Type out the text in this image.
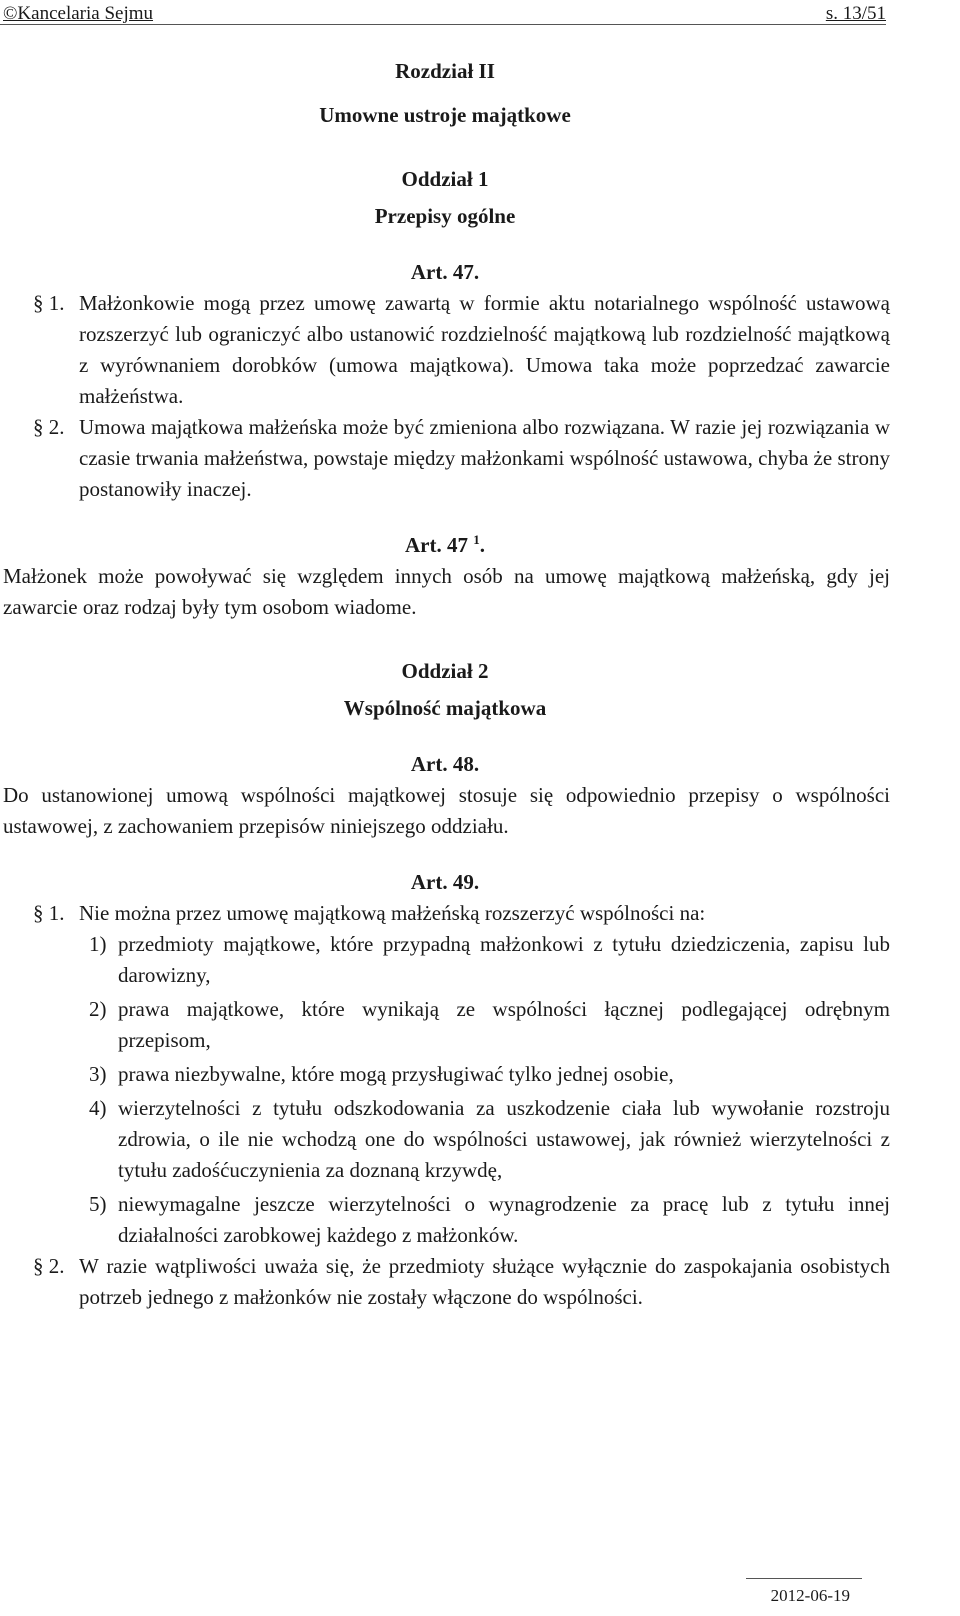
©Kancelaria Sejmu	s. 13/51

Rozdział II

Umowne ustroje majątkowe

Oddział 1

Przepisy ogólne

Art. 47.

§ 1. Małżonkowie mogą przez umowę zawartą w formie aktu notarialnego wspólność ustawową rozszerzyć lub ograniczyć albo ustanowić rozdzielność majątkową lub rozdzielność majątkową z wyrównaniem dorobków (umowa majątkowa). Umowa taka może poprzedzać zawarcie małżeństwa.
§ 2. Umowa majątkowa małżeńska może być zmieniona albo rozwiązana. W razie jej rozwiązania w czasie trwania małżeństwa, powstaje między małżonkami wspólność ustawowa, chyba że strony postanowiły inaczej.

Art. 47 $^1$.

Małżonek może powoływać się względem innych osób na umowę majątkową małżeńską, gdy jej zawarcie oraz rodzaj były tym osobom wiadome.

Oddział 2

Wspólność majątkowa

Art. 48.

Do ustanowionej umową wspólności majątkowej stosuje się odpowiednio przepisy o wspólności ustawowej, z zachowaniem przepisów niniejszego oddziału.

Art. 49.

§ 1. Nie można przez umowę majątkową małżeńską rozszerzyć wspólności na:
1) przedmioty majątkowe, które przypadną małżonkowi z tytułu dziedziczenia, zapisu lub darowizny,
2) prawa majątkowe, które wynikają ze wspólności łącznej podlegającej odrębnym przepisom,
3) prawa niezbywalne, które mogą przysługiwać tylko jednej osobie,
4) wierzytelności z tytułu odszkodowania za uszkodzenie ciała lub wywołanie rozstroju zdrowia, o ile nie wchodzą one do wspólności ustawowej, jak również wierzytelności z tytułu zadośćuczynienia za doznaną krzywdę,
5) niewymagalne jeszcze wierzytelności o wynagrodzenie za pracę lub z tytułu innej działalności zarobkowej każdego z małżonków.
§ 2. W razie wątpliwości uważa się, że przedmioty służące wyłącznie do zaspokajania osobistych potrzeb jednego z małżonków nie zostały włączone do wspólności.
2012-06-19
